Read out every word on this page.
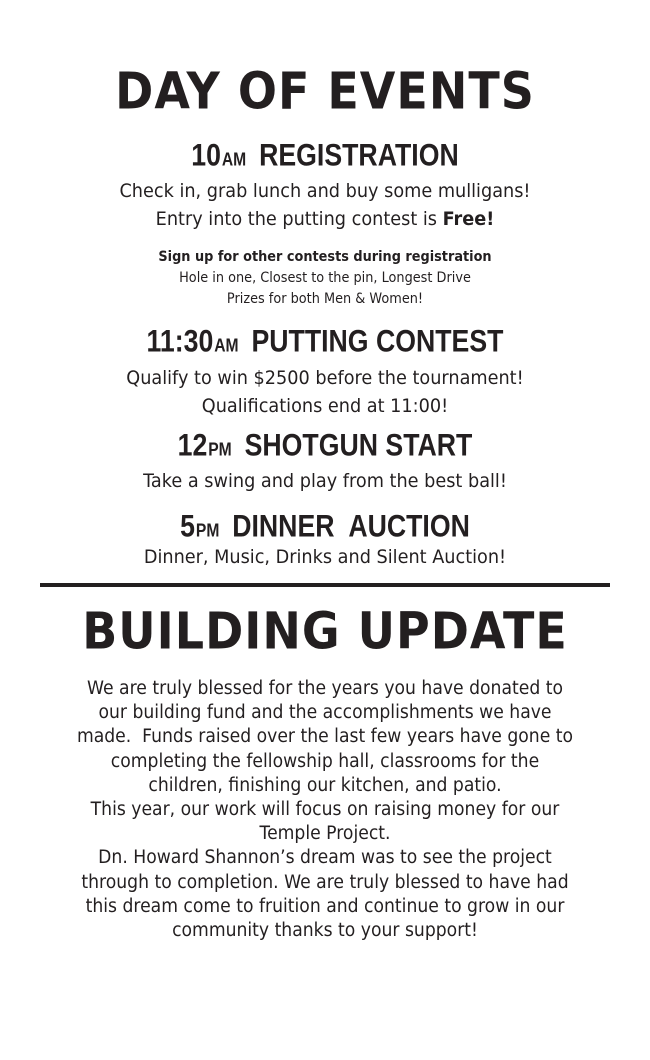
DAY OF EVENTS
10AM REGISTRATION

Check in, grab lunch and buy some mulligans!

Entry into the putting contest is Free!

Sign up for other contests during registration

Hole in one, Closest to the pin, Longest Drive

Prizes for both Men & Women!

11:30AM PUTTING CONTEST

Qualify to win $2500 before the tournament!

Qualifications end at 11:00!

12PM SHOTGUN START

Take a swing and play from the best ball!

5PM DINNER  AUCTION

Dinner, Music, Drinks and Silent Auction!

BUILDING UPDATE
We are truly blessed for the years you have donated to
our building fund and the accomplishments we have
made.  Funds raised over the last few years have gone to
completing the fellowship hall, classrooms for the
children, finishing our kitchen, and patio.
This year, our work will focus on raising money for our
Temple Project.
Dn. Howard Shannon’s dream was to see the project
through to completion. We are truly blessed to have had
this dream come to fruition and continue to grow in our
community thanks to your support!
